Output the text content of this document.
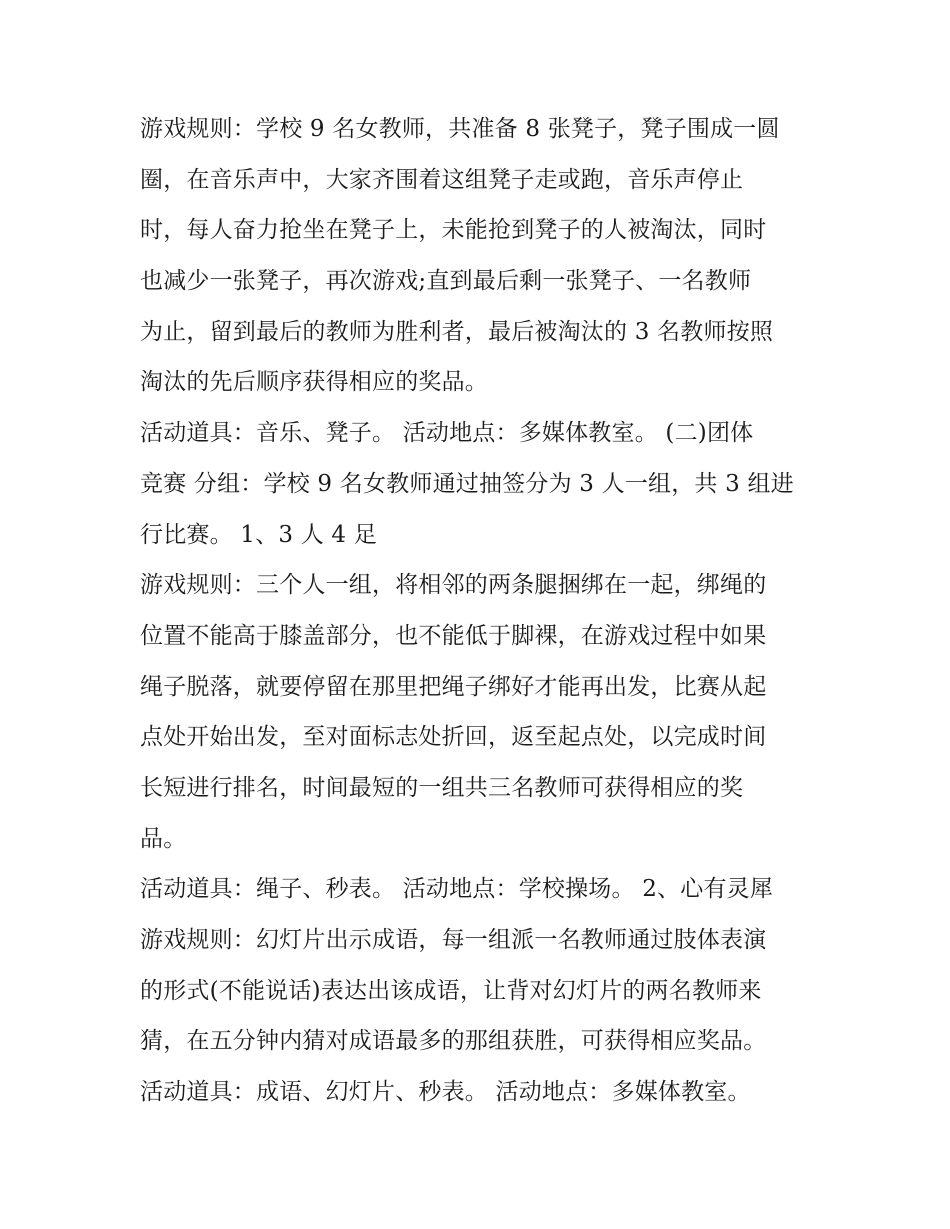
游戏规则：学校 9 名女教师，共准备 8 张凳子，凳子围成一圆
圈，在音乐声中，大家齐围着这组凳子走或跑，音乐声停止
时，每人奋力抢坐在凳子上，未能抢到凳子的人被淘汰，同时
也减少一张凳子，再次游戏;直到最后剩一张凳子、一名教师
为止，留到最后的教师为胜利者，最后被淘汰的 3 名教师按照
淘汰的先后顺序获得相应的奖品。
活动道具：音乐、凳子。 活动地点：多媒体教室。 (二)团体
竞赛 分组：学校 9 名女教师通过抽签分为 3 人一组，共 3 组进
行比赛。 1、3 人 4 足
游戏规则：三个人一组，将相邻的两条腿捆绑在一起，绑绳的
位置不能高于膝盖部分，也不能低于脚裸，在游戏过程中如果
绳子脱落，就要停留在那里把绳子绑好才能再出发，比赛从起
点处开始出发，至对面标志处折回，返至起点处，以完成时间
长短进行排名，时间最短的一组共三名教师可获得相应的奖
品。
活动道具：绳子、秒表。 活动地点：学校操场。 2、心有灵犀
游戏规则：幻灯片出示成语，每一组派一名教师通过肢体表演
的形式(不能说话)表达出该成语，让背对幻灯片的两名教师来
猜，在五分钟内猜对成语最多的那组获胜，可获得相应奖品。
活动道具：成语、幻灯片、秒表。 活动地点：多媒体教室。
